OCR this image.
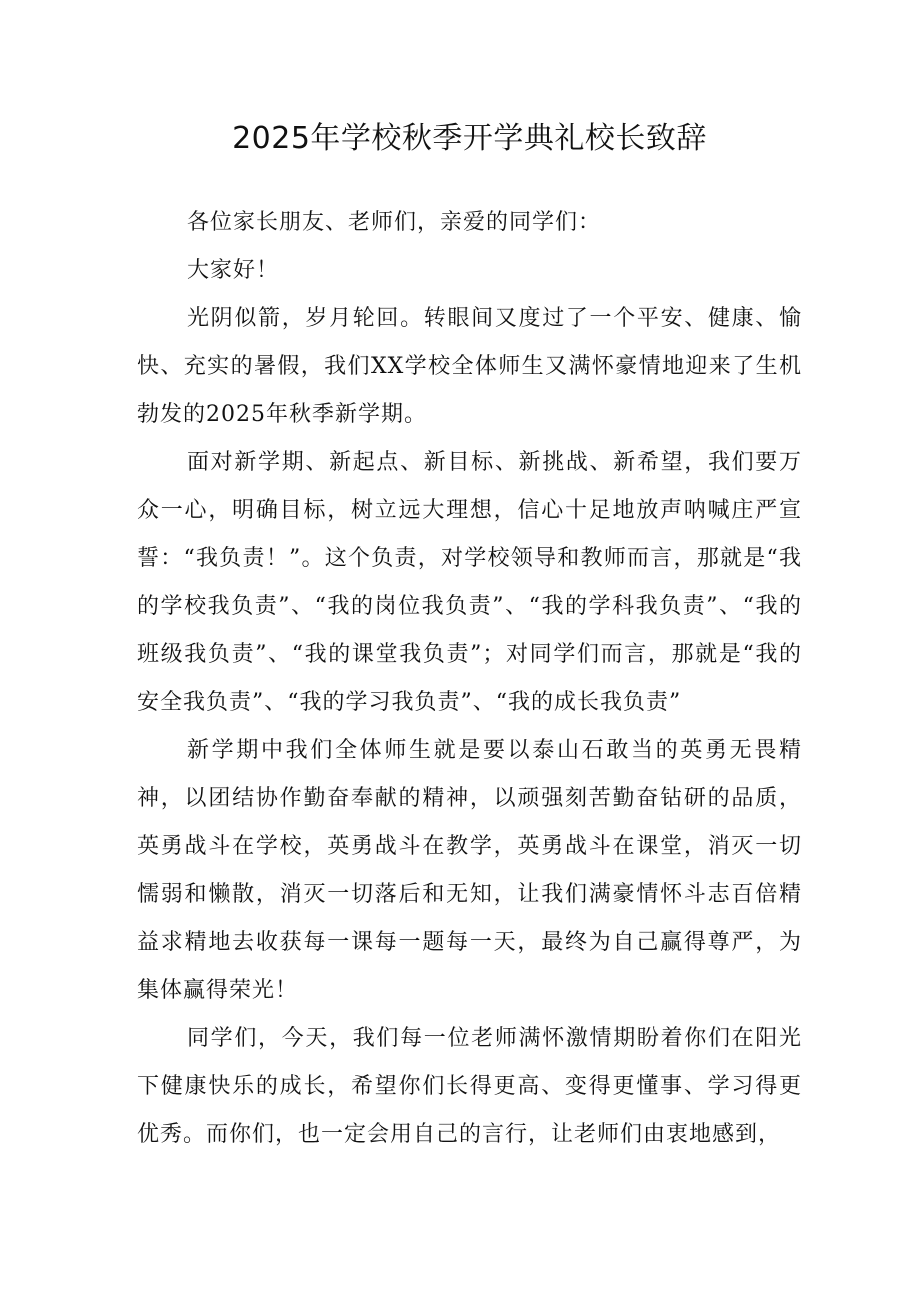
2025年学校秋季开学典礼校长致辞

各位家长朋友、老师们，亲爱的同学们：

大家好！

光阴似箭，岁月轮回。转眼间又度过了一个平安、健康、愉快、充实的暑假，我们XX学校全体师生又满怀豪情地迎来了生机勃发的2025年秋季新学期。

面对新学期、新起点、新目标、新挑战、新希望，我们要万众一心，明确目标，树立远大理想，信心十足地放声呐喊庄严宣誓：“我负责！”。这个负责，对学校领导和教师而言，那就是“我的学校我负责”、“我的岗位我负责”、“我的学科我负责”、“我的班级我负责”、“我的课堂我负责”；对同学们而言，那就是“我的安全我负责”、“我的学习我负责”、“我的成长我负责”

新学期中我们全体师生就是要以泰山石敢当的英勇无畏精神，以团结协作勤奋奉献的精神，以顽强刻苦勤奋钻研的品质，英勇战斗在学校，英勇战斗在教学，英勇战斗在课堂，消灭一切懦弱和懒散，消灭一切落后和无知，让我们满豪情怀斗志百倍精益求精地去收获每一课每一题每一天，最终为自己赢得尊严，为集体赢得荣光！

同学们，今天，我们每一位老师满怀激情期盼着你们在阳光下健康快乐的成长，希望你们长得更高、变得更懂事、学习得更优秀。而你们，也一定会用自己的言行，让老师们由衷地感到，
